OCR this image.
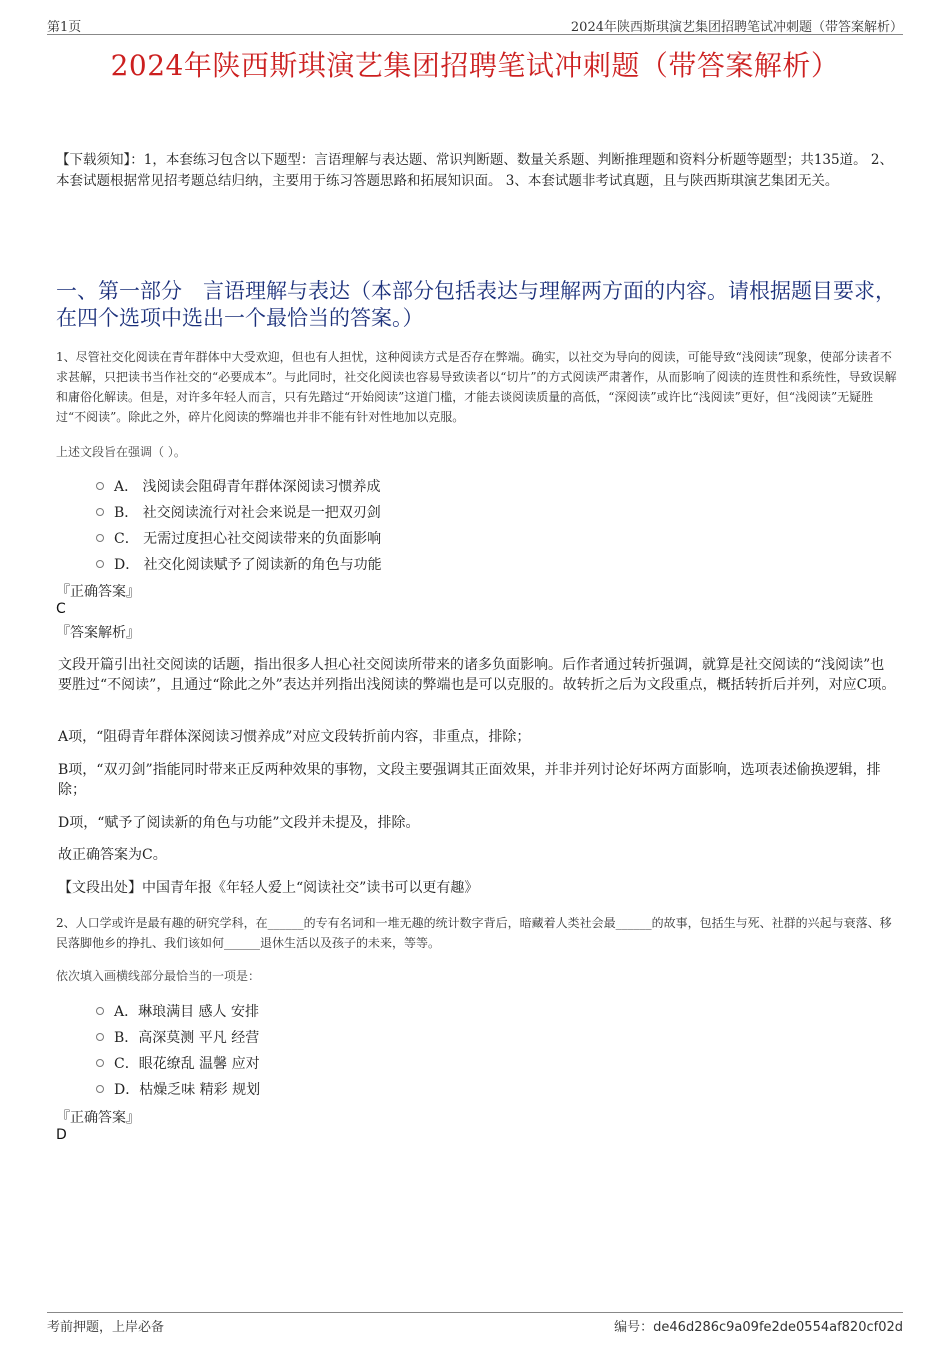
第1页	2024年陕西斯琪演艺集团招聘笔试冲刺题（带答案解析）
2024年陕西斯琪演艺集团招聘笔试冲刺题（带答案解析）
【下载须知】：1，本套练习包含以下题型：言语理解与表达题、常识判断题、数量关系题、判断推理题和资料分析题等题型；共135道。 2、本套试题根据常见招考题总结归纳，主要用于练习答题思路和拓展知识面。 3、本套试题非考试真题，且与陕西斯琪演艺集团无关。
一、第一部分　言语理解与表达（本部分包括表达与理解两方面的内容。请根据题目要求，在四个选项中选出一个最恰当的答案。）
1、尽管社交化阅读在青年群体中大受欢迎，但也有人担忧，这种阅读方式是否存在弊端。确实，以社交为导向的阅读，可能导致“浅阅读”现象，使部分读者不求甚解，只把读书当作社交的“必要成本”。与此同时，社交化阅读也容易导致读者以“切片”的方式阅读严肃著作，从而影响了阅读的连贯性和系统性，导致误解和庸俗化解读。但是，对许多年轻人而言，只有先踏过“开始阅读”这道门槛，才能去谈阅读质量的高低，“深阅读”或许比“浅阅读”更好，但“浅阅读”无疑胜过“不阅读”。除此之外，碎片化阅读的弊端也并非不能有针对性地加以克服。
上述文段旨在强调（ ）。
A． 浅阅读会阻碍青年群体深阅读习惯养成
B． 社交阅读流行对社会来说是一把双刃剑
C． 无需过度担心社交阅读带来的负面影响
D． 社交化阅读赋予了阅读新的角色与功能
『正确答案』
C
『答案解析』
文段开篇引出社交阅读的话题，指出很多人担心社交阅读所带来的诸多负面影响。后作者通过转折强调，就算是社交阅读的“浅阅读”也要胜过“不阅读”，且通过“除此之外”表达并列指出浅阅读的弊端也是可以克服的。故转折之后为文段重点，概括转折后并列，对应C项。
A项，“阻碍青年群体深阅读习惯养成”对应文段转折前内容，非重点，排除；
B项，“双刃剑”指能同时带来正反两种效果的事物，文段主要强调其正面效果，并非并列讨论好坏两方面影响，选项表述偷换逻辑，排除；
D项，“赋予了阅读新的角色与功能”文段并未提及，排除。
故正确答案为C。
【文段出处】中国青年报《年轻人爱上“阅读社交”读书可以更有趣》
2、人口学或许是最有趣的研究学科，在______的专有名词和一堆无趣的统计数字背后，暗藏着人类社会最______的故事，包括生与死、社群的兴起与衰落、移民落脚他乡的挣扎、我们该如何______退休生活以及孩子的未来，等等。
依次填入画横线部分最恰当的一项是：
A．琳琅满目 感人 安排
B．高深莫测 平凡 经营
C．眼花缭乱 温馨 应对
D．枯燥乏味 精彩 规划
『正确答案』
D
考前押题，上岸必备	编号：de46d286c9a09fe2de0554af820cf02d
